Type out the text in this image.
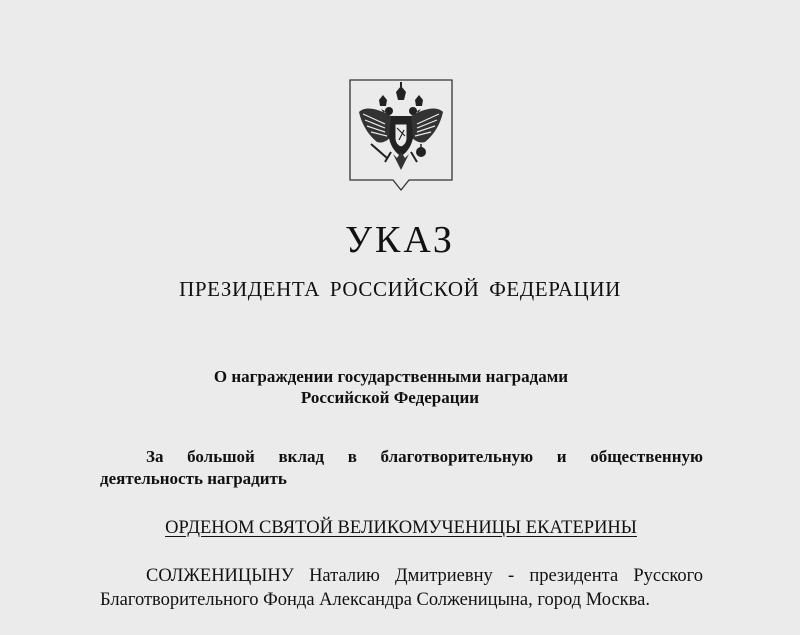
УКАЗ
ПРЕЗИДЕНТА РОССИЙСКОЙ ФЕДЕРАЦИИ
О награждении государственными наградами
Российской Федерации
За большой вклад в благотворительную и общественную
деятельность наградить
ОРДЕНОМ СВЯТОЙ ВЕЛИКОМУЧЕНИЦЫ ЕКАТЕРИНЫ
СОЛЖЕНИЦЫНУ Наталию Дмитриевну - президента Русского
Благотворительного Фонда Александра Солженицына, город Москва.
